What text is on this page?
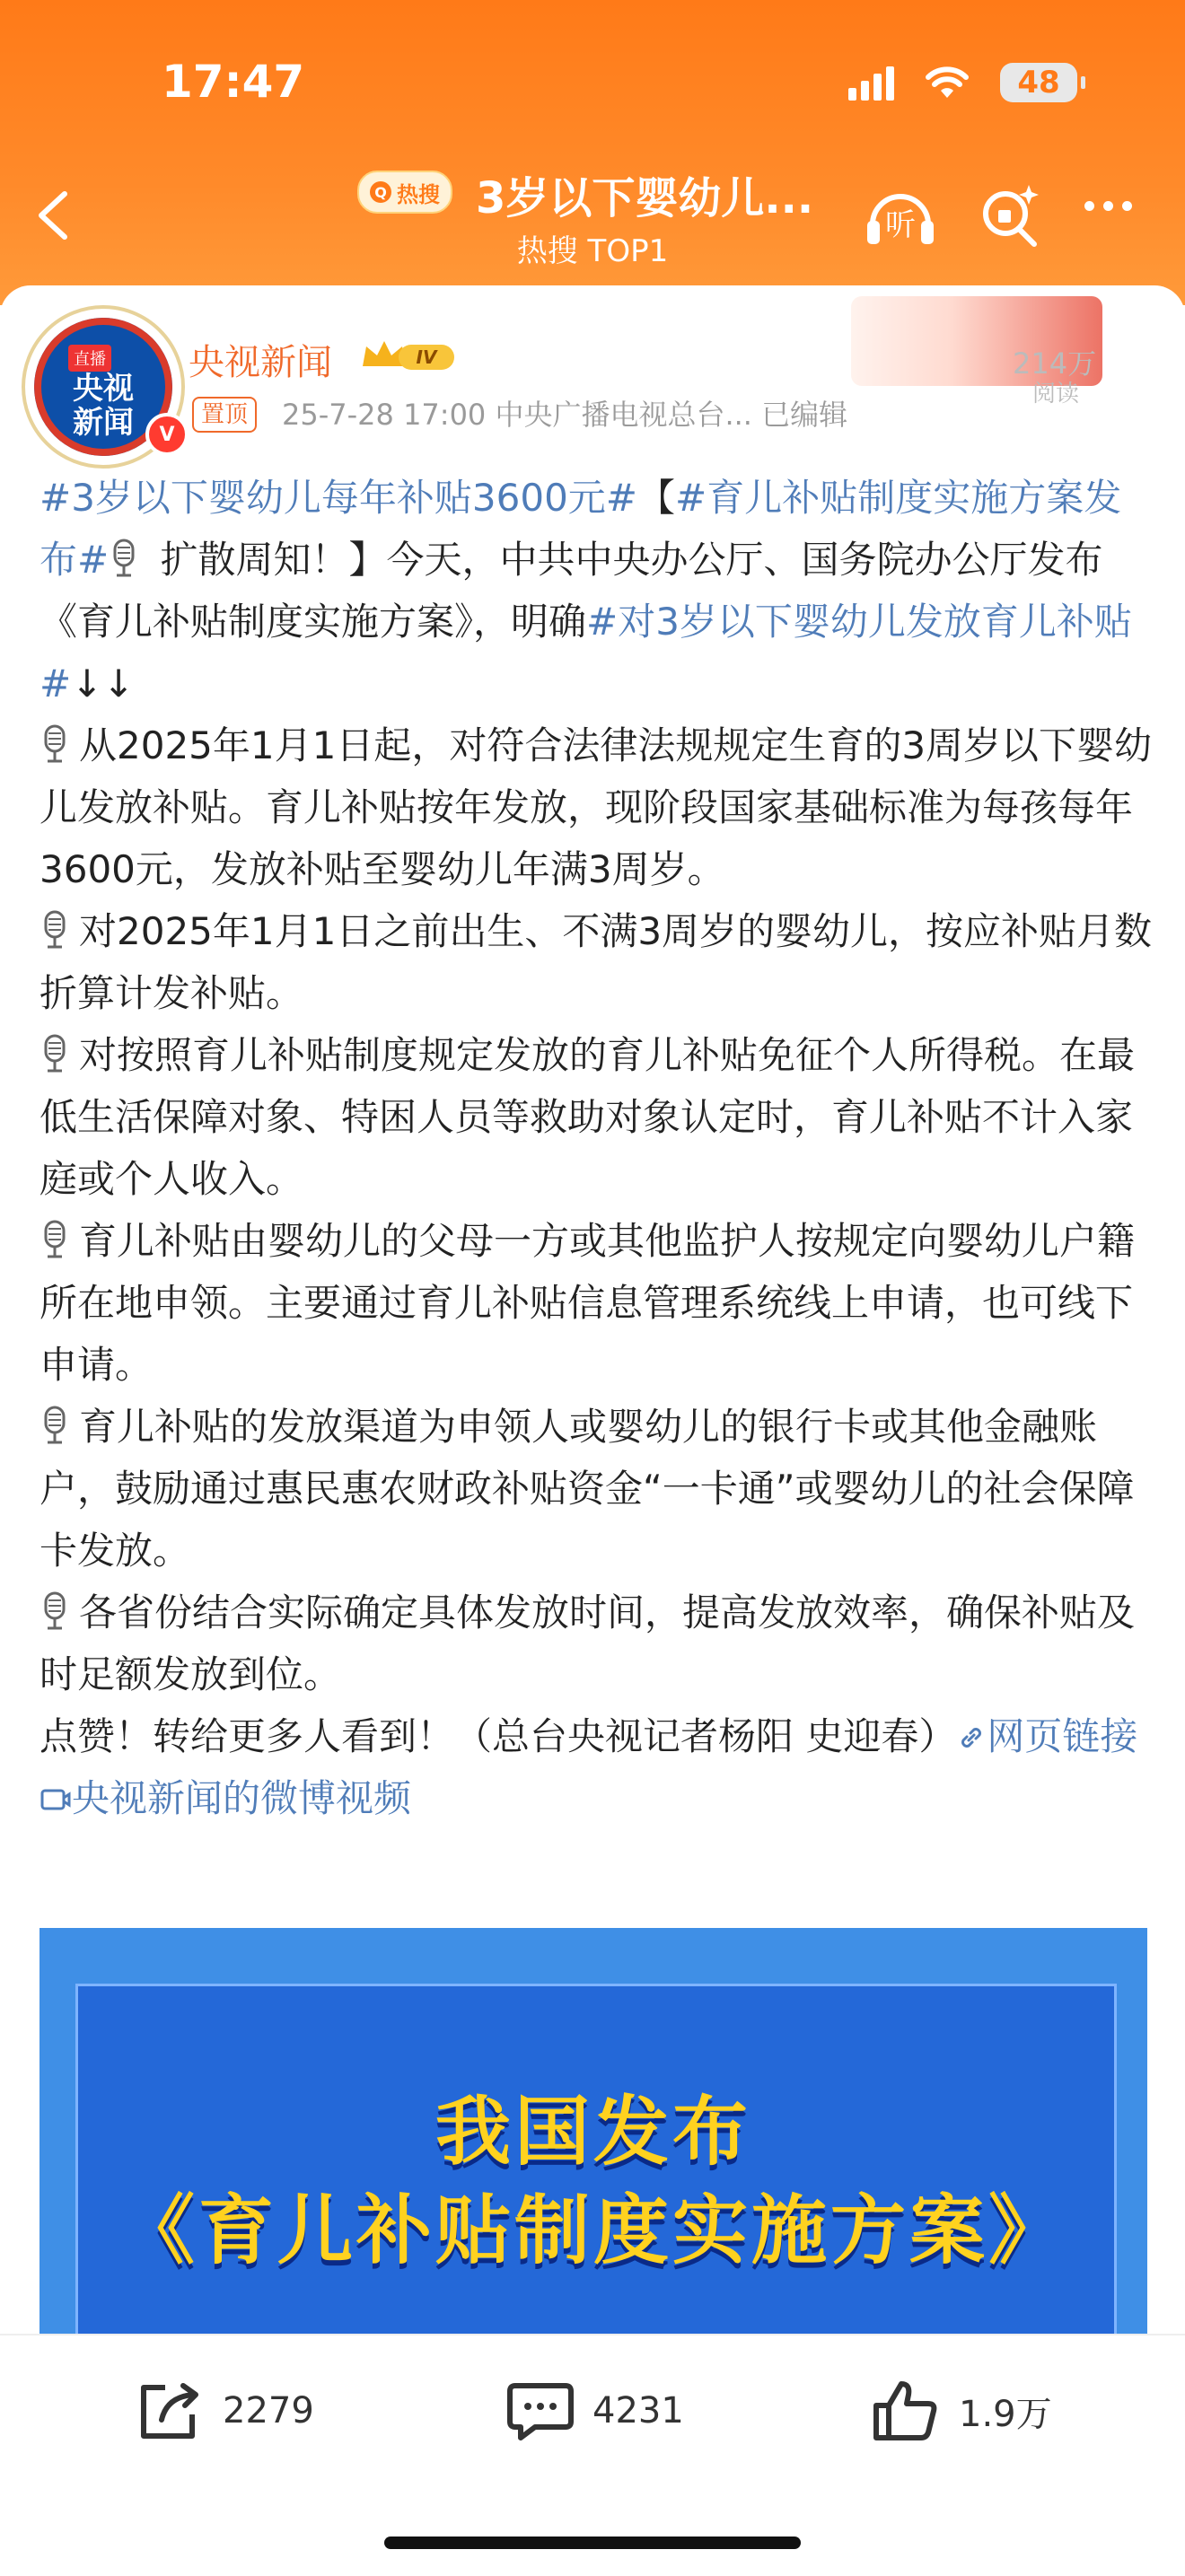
17:47	48
Q 热搜 3岁以下婴幼儿...
热搜 TOP1
听
直播
央视新闻	V
央视新闻	IV
置顶	25-7-28 17:00 中央广播电视总台... 已编辑
214万
阅读

#3岁以下婴幼儿每年补贴3600元#【#育儿补贴制度实施方案发布# 扩散周知！】今天，中共中央办公厅、国务院办公厅发布《育儿补贴制度实施方案》，明确#对3岁以下婴幼儿发放育儿补贴#↓↓

从2025年1月1日起，对符合法律法规规定生育的3周岁以下婴幼儿发放补贴。育儿补贴按年发放，现阶段国家基础标准为每孩每年3600元，发放补贴至婴幼儿年满3周岁。

对2025年1月1日之前出生、不满3周岁的婴幼儿，按应补贴月数折算计发补贴。

对按照育儿补贴制度规定发放的育儿补贴免征个人所得税。在最低生活保障对象、特困人员等救助对象认定时，育儿补贴不计入家庭或个人收入。

育儿补贴由婴幼儿的父母一方或其他监护人按规定向婴幼儿户籍所在地申领。主要通过育儿补贴信息管理系统线上申请，也可线下申请。

育儿补贴的发放渠道为申领人或婴幼儿的银行卡或其他金融账户，鼓励通过惠民惠农财政补贴资金“一卡通”或婴幼儿的社会保障卡发放。

各省份结合实际确定具体发放时间，提高发放效率，确保补贴及时足额发放到位。

点赞！转给更多人看到！（总台央视记者杨阳 史迎春） 网页链接 央视新闻的微博视频

我国发布
《育儿补贴制度实施方案》
2279	4231	1.9万
